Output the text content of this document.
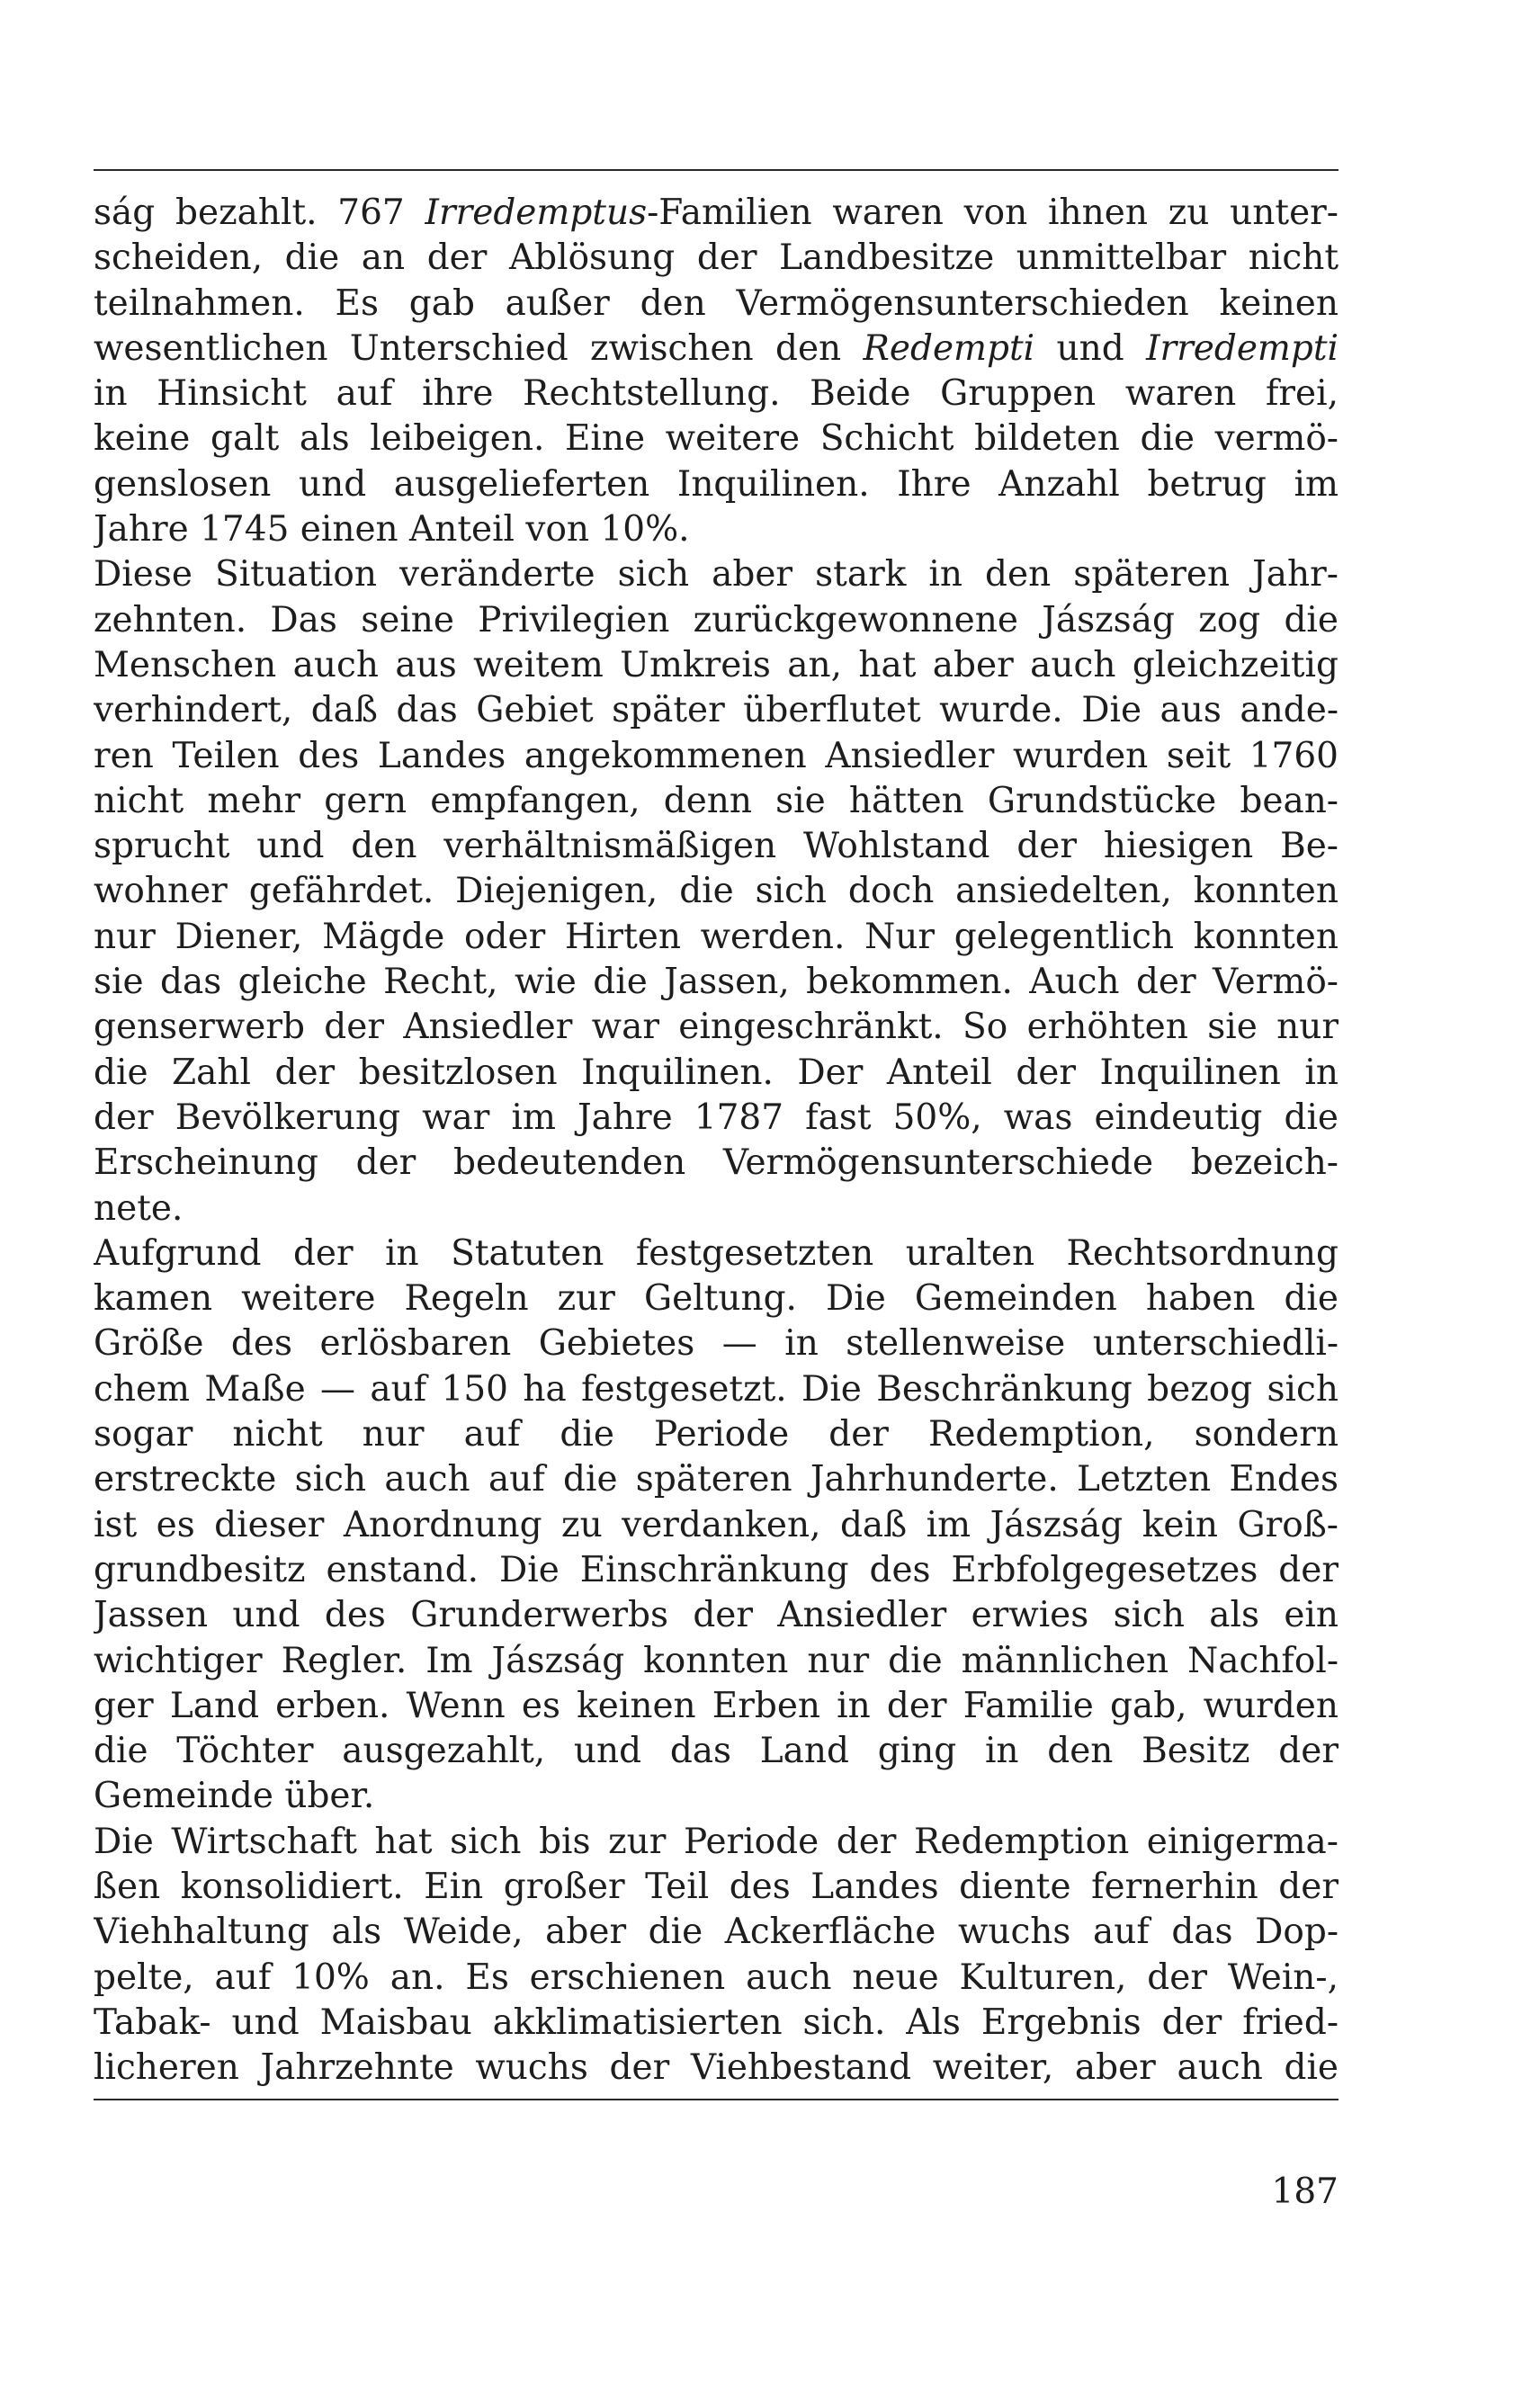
ság bezahlt. 767 Irredemptus-Familien waren von ihnen zu unter-
scheiden, die an der Ablösung der Landbesitze unmittelbar nicht
teilnahmen. Es gab außer den Vermögensunterschieden keinen
wesentlichen Unterschied zwischen den Redempti und Irredempti
in Hinsicht auf ihre Rechtstellung. Beide Gruppen waren frei,
keine galt als leibeigen. Eine weitere Schicht bildeten die vermö-
genslosen und ausgelieferten Inquilinen. Ihre Anzahl betrug im
Jahre 1745 einen Anteil von 10%.
Diese Situation veränderte sich aber stark in den späteren Jahr-
zehnten. Das seine Privilegien zurückgewonnene Jászság zog die
Menschen auch aus weitem Umkreis an, hat aber auch gleichzeitig
verhindert, daß das Gebiet später überflutet wurde. Die aus ande-
ren Teilen des Landes angekommenen Ansiedler wurden seit 1760
nicht mehr gern empfangen, denn sie hätten Grundstücke bean-
sprucht und den verhältnismäßigen Wohlstand der hiesigen Be-
wohner gefährdet. Diejenigen, die sich doch ansiedelten, konnten
nur Diener, Mägde oder Hirten werden. Nur gelegentlich konnten
sie das gleiche Recht, wie die Jassen, bekommen. Auch der Vermö-
genserwerb der Ansiedler war eingeschränkt. So erhöhten sie nur
die Zahl der besitzlosen Inquilinen. Der Anteil der Inquilinen in
der Bevölkerung war im Jahre 1787 fast 50%, was eindeutig die
Erscheinung der bedeutenden Vermögensunterschiede bezeich-
nete.
Aufgrund der in Statuten festgesetzten uralten Rechtsordnung
kamen weitere Regeln zur Geltung. Die Gemeinden haben die
Größe des erlösbaren Gebietes — in stellenweise unterschiedli-
chem Maße — auf 150 ha festgesetzt. Die Beschränkung bezog sich
sogar nicht nur auf die Periode der Redemption, sondern
erstreckte sich auch auf die späteren Jahrhunderte. Letzten Endes
ist es dieser Anordnung zu verdanken, daß im Jászság kein Groß-
grundbesitz enstand. Die Einschränkung des Erbfolgegesetzes der
Jassen und des Grunderwerbs der Ansiedler erwies sich als ein
wichtiger Regler. Im Jászság konnten nur die männlichen Nachfol-
ger Land erben. Wenn es keinen Erben in der Familie gab, wurden
die Töchter ausgezahlt, und das Land ging in den Besitz der
Gemeinde über.
Die Wirtschaft hat sich bis zur Periode der Redemption einigerma-
ßen konsolidiert. Ein großer Teil des Landes diente fernerhin der
Viehhaltung als Weide, aber die Ackerfläche wuchs auf das Dop-
pelte, auf 10% an. Es erschienen auch neue Kulturen, der Wein-,
Tabak- und Maisbau akklimatisierten sich. Als Ergebnis der fried-
licheren Jahrzehnte wuchs der Viehbestand weiter, aber auch die
187
